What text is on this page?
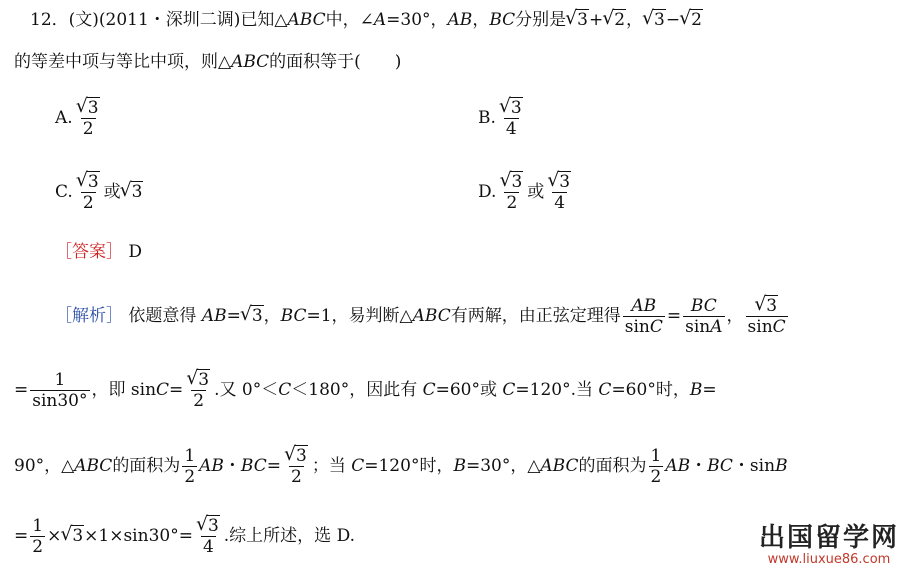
12．(文)(2011・深圳二调)已知△ABC中，∠A=30°，AB，BC分别是 √ 3+ √ 2， √ 3− √ 2
的等差中项与等比中项，则△ABC的面积等于(　　)
A. √ $\frac{3}{2}$	B. √ $\frac{3}{4}$
C. √ $\frac{3}{2}$ 或 √ 3	D. √ $\frac{3}{2}$ 或 √ $\frac{3}{4}$
［答案］ D
［解析］ 依题意得 AB= √ 3，BC=1，易判断△ABC有两解，由正弦定理得 $\frac{AB}{\sin C} = \frac{BC}{\sin A}$ ， √ $\frac{3}{\sin C}$
= $\frac{1}{\sin 30^\circ}$ ，即 sinC= √ $\frac{3}{2}$ .又 0°＜C＜180°，因此有 C=60°或 C=120°.当 C=60°时，B=
90°，△ABC的面积为 $\frac{1}{2}$ AB・BC= √ $\frac{3}{2}$ ；当 C=120°时，B=30°，△ABC的面积为 $\frac{1}{2}$ AB・BC・sinB
= $\frac{1}{2}$ × √ 3×1×sin30°= √ $\frac{3}{4}$ .综上所述，选 D.	出国留学网
www.liuxue86.com
